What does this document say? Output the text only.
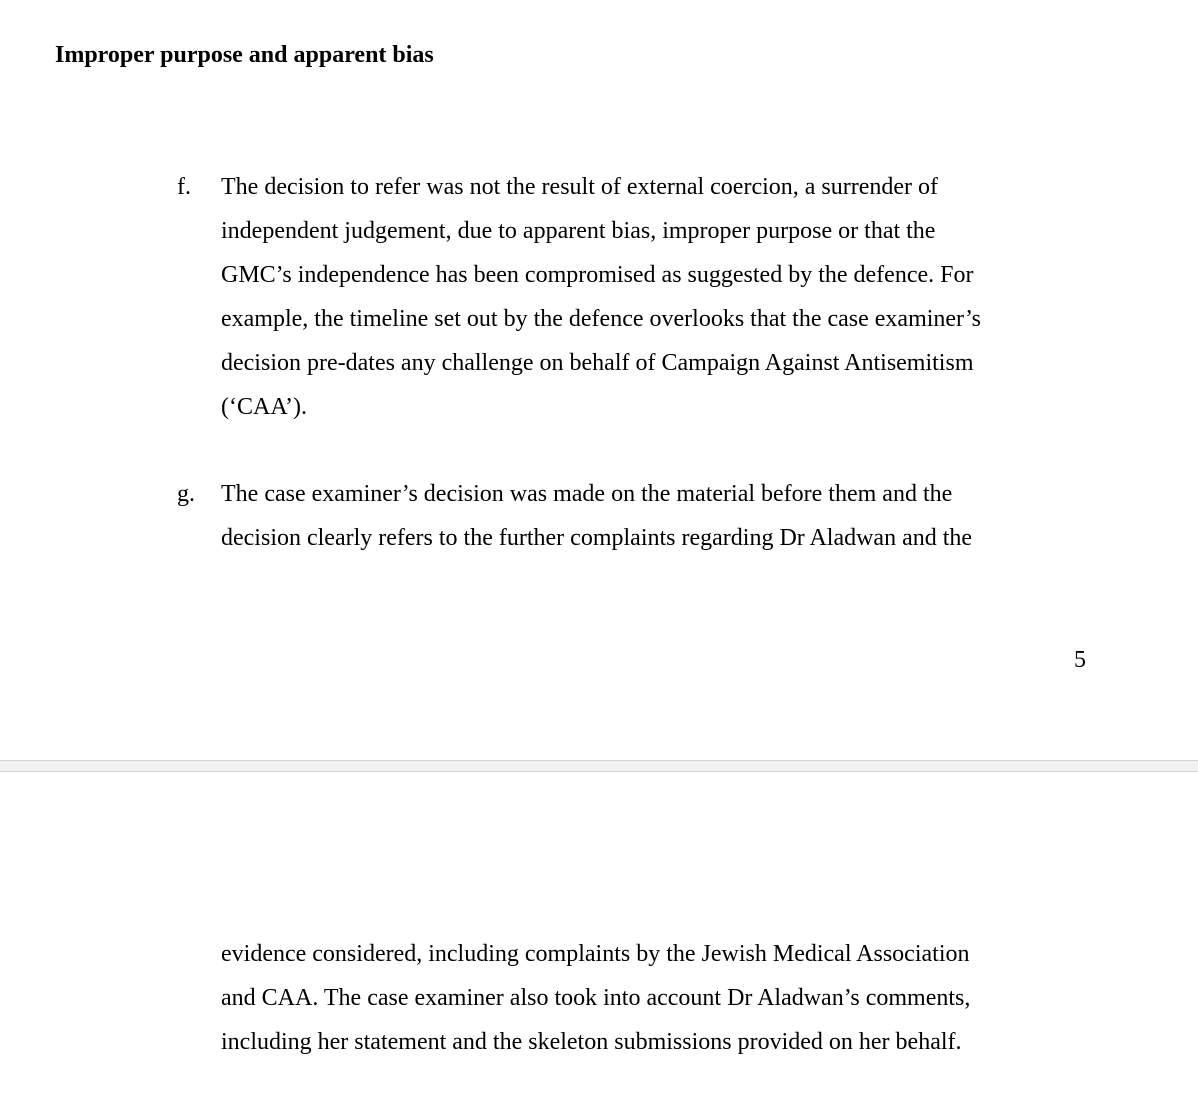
Improper purpose and apparent bias
f. The decision to refer was not the result of external coercion, a surrender of
independent judgement, due to apparent bias, improper purpose or that the
GMC’s independence has been compromised as suggested by the defence. For
example, the timeline set out by the defence overlooks that the case examiner’s
decision pre-dates any challenge on behalf of Campaign Against Antisemitism
(‘CAA’).
g. The case examiner’s decision was made on the material before them and the
decision clearly refers to the further complaints regarding Dr Aladwan and the
5
evidence considered, including complaints by the Jewish Medical Association
and CAA. The case examiner also took into account Dr Aladwan’s comments,
including her statement and the skeleton submissions provided on her behalf.
